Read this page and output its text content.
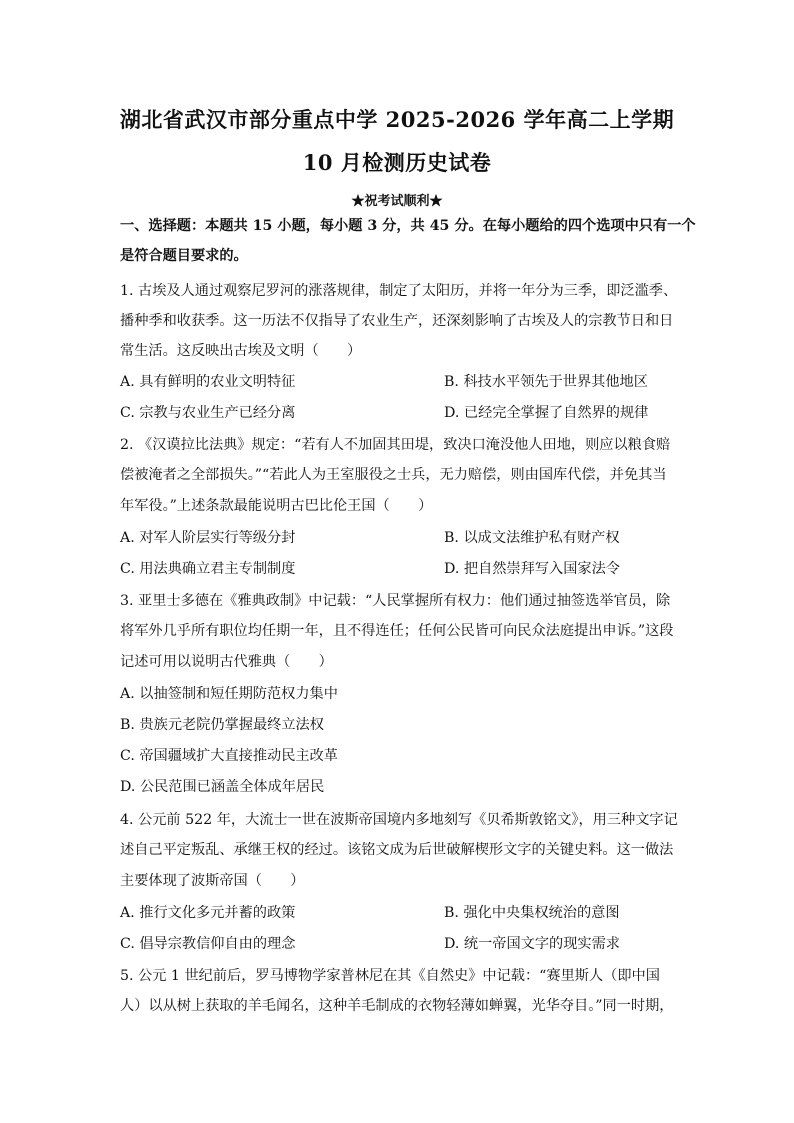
湖北省武汉市部分重点中学 2025-2026 学年高二上学期
10 月检测历史试卷
★祝考试顺利★
一、选择题：本题共 15 小题，每小题 3 分，共 45 分。在每小题给的四个选项中只有一个
是符合题目要求的。
1. 古埃及人通过观察尼罗河的涨落规律，制定了太阳历，并将一年分为三季，即泛滥季、
播种季和收获季。这一历法不仅指导了农业生产，还深刻影响了古埃及人的宗教节日和日
常生活。这反映出古埃及文明（　　）
A. 具有鲜明的农业文明特征	B. 科技水平领先于世界其他地区
C. 宗教与农业生产已经分离	D. 已经完全掌握了自然界的规律
2. 《汉谟拉比法典》规定：“若有人不加固其田堤，致决口淹没他人田地，则应以粮食赔
偿被淹者之全部损失。”“若此人为王室服役之士兵，无力赔偿，则由国库代偿，并免其当
年军役。”上述条款最能说明古巴比伦王国（　　）
A. 对军人阶层实行等级分封	B. 以成文法维护私有财产权
C. 用法典确立君主专制制度	D. 把自然崇拜写入国家法令
3. 亚里士多德在《雅典政制》中记载：“人民掌握所有权力：他们通过抽签选举官员，除
将军外几乎所有职位均任期一年，且不得连任；任何公民皆可向民众法庭提出申诉。”这段
记述可用以说明古代雅典（　　）
A. 以抽签制和短任期防范权力集中
B. 贵族元老院仍掌握最终立法权
C. 帝国疆域扩大直接推动民主改革
D. 公民范围已涵盖全体成年居民
4. 公元前 522 年，大流士一世在波斯帝国境内多地刻写《贝希斯敦铭文》，用三种文字记
述自己平定叛乱、承继王权的经过。该铭文成为后世破解楔形文字的关键史料。这一做法
主要体现了波斯帝国（　　）
A. 推行文化多元并蓄的政策	B. 强化中央集权统治的意图
C. 倡导宗教信仰自由的理念	D. 统一帝国文字的现实需求
5. 公元 1 世纪前后，罗马博物学家普林尼在其《自然史》中记载：“赛里斯人（即中国
人）以从树上获取的羊毛闻名，这种羊毛制成的衣物轻薄如蝉翼，光华夺目。”同一时期，
